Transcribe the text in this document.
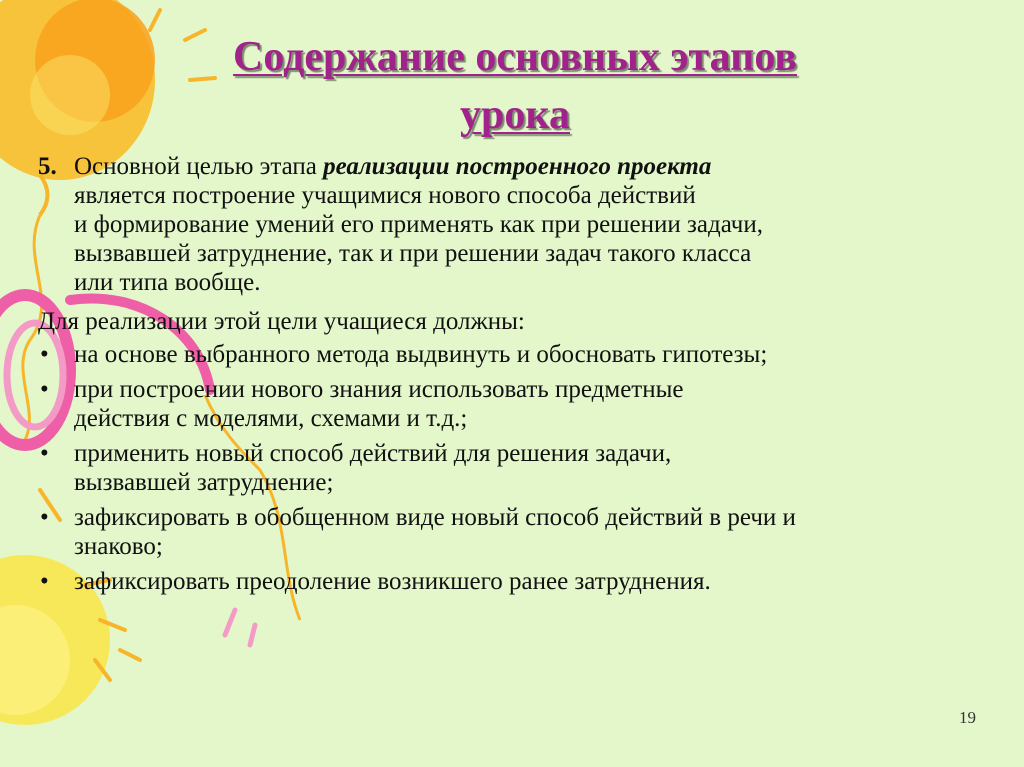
Содержание основных этапов
урока
5. Основной целью этапа реализации построенного проекта
является построение учащимися нового способа действий
и формирование умений его применять как при решении задачи,
вызвавшей затруднение, так и при решении задач такого класса
или типа вообще.
Для реализации этой цели учащиеся должны:
• на основе выбранного метода выдвинуть и обосновать гипотезы;
• при построении нового знания использовать предметные
действия с моделями, схемами и т.д.;
• применить новый способ действий для решения задачи,
вызвавшей затруднение;
• зафиксировать в обобщенном виде новый способ действий в речи и
знаково;
• зафиксировать преодоление возникшего ранее затруднения.
19
